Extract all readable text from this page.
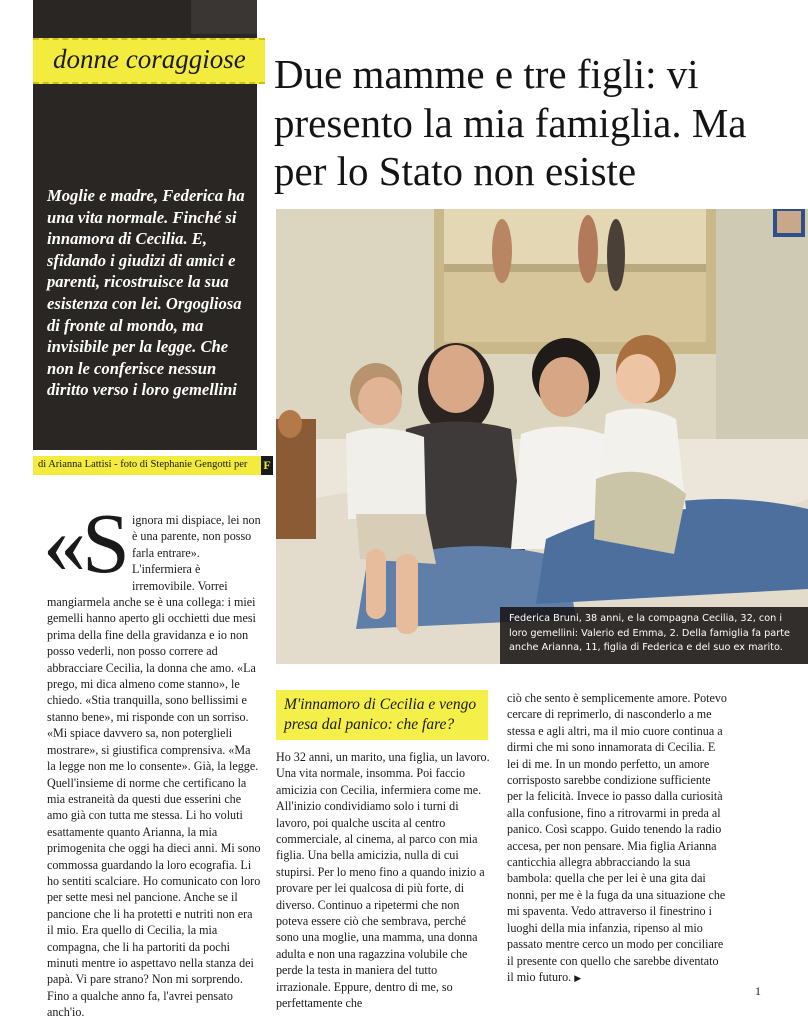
donne coraggiose
Moglie e madre, Federica ha una vita normale. Finché si innamora di Cecilia. E, sfidando i giudizi di amici e parenti, ricostruisce la sua esistenza con lei. Orgogliosa di fronte al mondo, ma invisibile per la legge. Che non le conferisce nessun diritto verso i loro gemellini
di Arianna Lattisi - foto di Stephanie Gengotti per F
Due mamme e tre figli: vi presento la mia famiglia. Ma per lo Stato non esiste
Federica Bruni, 38 anni, e la compagna Cecilia, 32, con i loro gemellini: Valerio ed Emma, 2. Della famiglia fa parte anche Arianna, 11, figlia di Federica e del suo ex marito.
«S ignora mi dispiace, lei non è una parente, non posso farla entrare». L'infermiera è irremovibile. Vorrei mangiarmela anche se è una collega: i miei gemelli hanno aperto gli occhietti due mesi prima della fine della gravidanza e io non posso vederli, non posso correre ad abbracciare Cecilia, la donna che amo. «La prego, mi dica almeno come stanno», le chiedo. «Stia tranquilla, sono bellissimi e stanno bene», mi risponde con un sorriso. «Mi spiace davvero sa, non poterglieli mostrare», si giustifica comprensiva. «Ma la legge non me lo consente». Già, la legge. Quell'insieme di norme che certificano la mia estraneità da questi due esserini che amo già con tutta me stessa. Li ho voluti esattamente quanto Arianna, la mia primogenita che oggi ha dieci anni. Mi sono commossa guardando la loro ecografia. Li ho sentiti scalciare. Ho comunicato con loro per sette mesi nel pancione. Anche se il pancione che li ha protetti e nutriti non era il mio. Era quello di Cecilia, la mia compagna, che li ha partoriti da pochi minuti mentre io aspettavo nella stanza dei papà. Vi pare strano? Non mi sorprendo. Fino a qualche anno fa, l'avrei pensato anch'io.

M'innamoro di Cecilia e vengo presa dal panico: che fare?

Ho 32 anni, un marito, una figlia, un lavoro. Una vita normale, insomma. Poi faccio amicizia con Cecilia, infermiera come me. All'inizio condividiamo solo i turni di lavoro, poi qualche uscita al centro commerciale, al cinema, al parco con mia figlia. Una bella amicizia, nulla di cui stupirsi. Per lo meno fino a quando inizio a provare per lei qualcosa di più forte, di diverso. Continuo a ripetermi che non poteva essere ciò che sembrava, perché sono una moglie, una mamma, una donna adulta e non una ragazzina volubile che perde la testa in maniera del tutto irrazionale. Eppure, dentro di me, so perfettamente che

ciò che sento è semplicemente amore. Potevo cercare di reprimerlo, di nasconderlo a me stessa e agli altri, ma il mio cuore continua a dirmi che mi sono innamorata di Cecilia. E lei di me. In un mondo perfetto, un amore corrisposto sarebbe condizione sufficiente per la felicità. Invece io passo dalla curiosità alla confusione, fino a ritrovarmi in preda al panico. Così scappo. Guido tenendo la radio accesa, per non pensare. Mia figlia Arianna canticchia allegra abbracciando la sua bambola: quella che per lei è una gita dai nonni, per me è la fuga da una situazione che mi spaventa. Vedo attraverso il finestrino i luoghi della mia infanzia, ripenso al mio passato mentre cerco un modo per conciliare il presente con quello che sarebbe diventato il mio futuro. ▶

1
